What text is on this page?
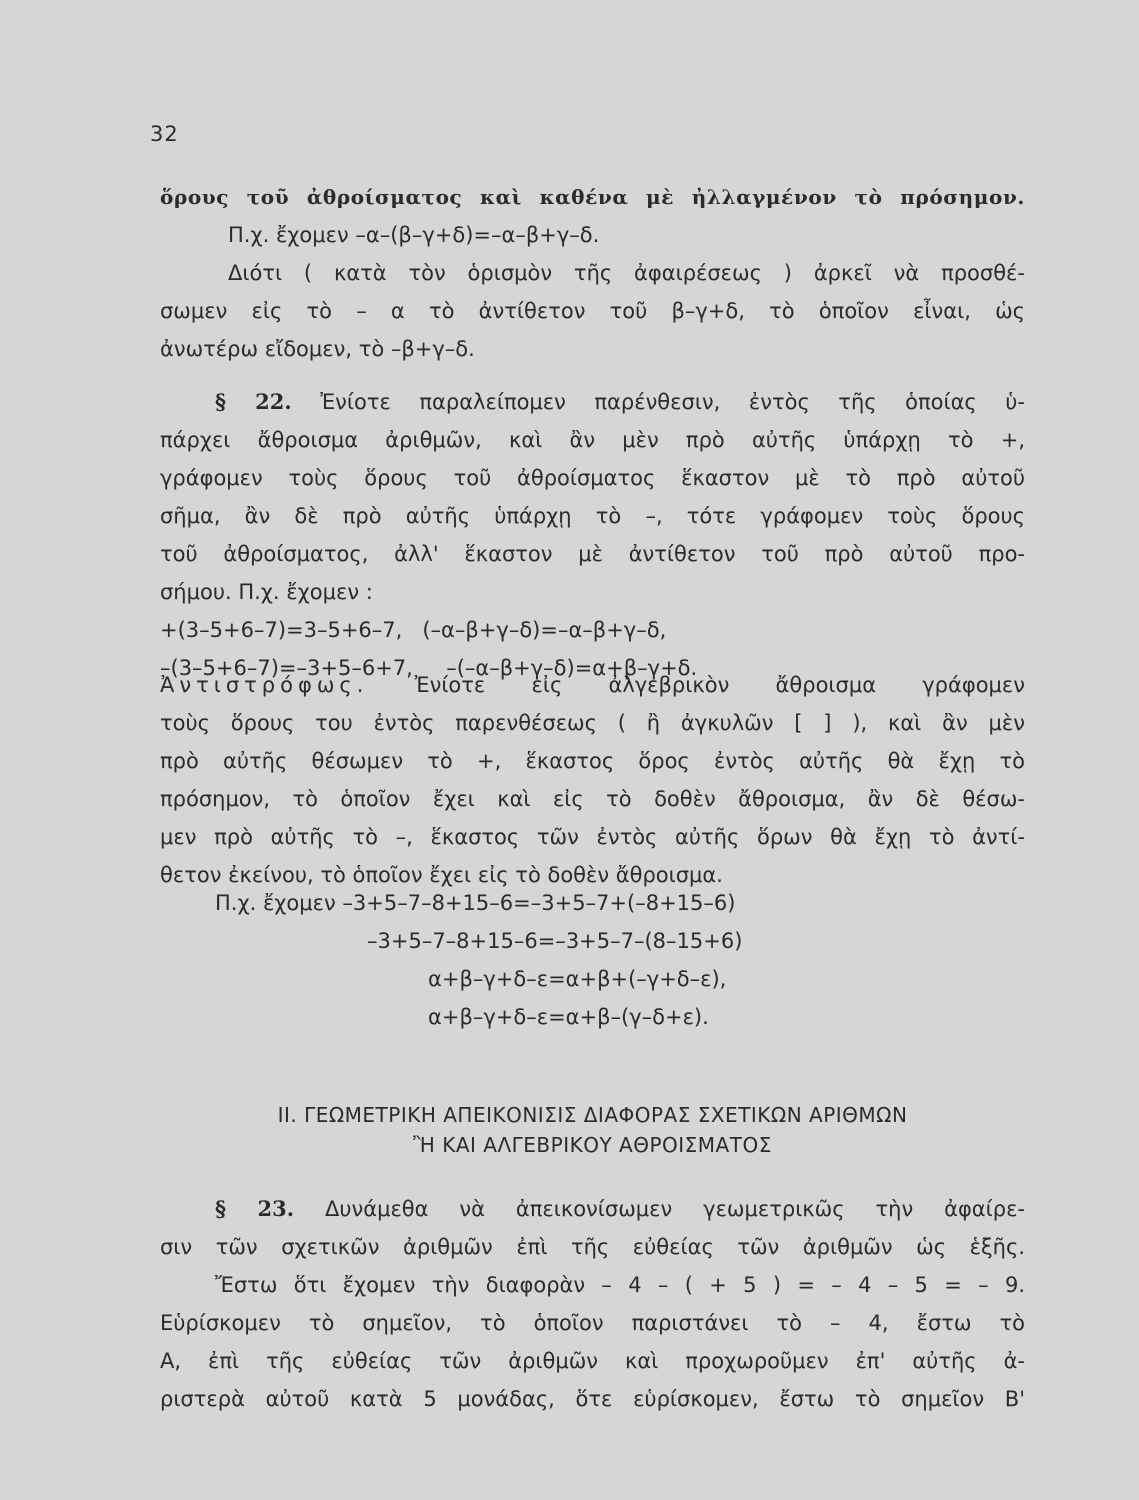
32
ὅρους τοῦ ἀθροίσματος καὶ καθένα μὲ ἠλλαγμένον τὸ πρόσημον.
Π.χ. ἔχομεν –α–(β–γ+δ)=–α–β+γ–δ.
Διότι ( κατὰ τὸν ὁρισμὸν τῆς ἀφαιρέσεως ) ἀρκεῖ νὰ προσθέ-
σωμεν εἰς τὸ – α τὸ ἀντίθετον τοῦ β–γ+δ, τὸ ὁποῖον εἶναι, ὡς
ἀνωτέρω εἴδομεν, τὸ –β+γ–δ.
§ 22. Ἐνίοτε παραλείπομεν παρένθεσιν, ἐντὸς τῆς ὁποίας ὑ-
πάρχει ἄθροισμα ἀριθμῶν, καὶ ἂν μὲν πρὸ αὐτῆς ὑπάρχῃ τὸ +,
γράφομεν τοὺς ὅρους τοῦ ἀθροίσματος ἕκαστον μὲ τὸ πρὸ αὐτοῦ
σῆμα, ἂν δὲ πρὸ αὐτῆς ὑπάρχῃ τὸ –, τότε γράφομεν τοὺς ὅρους
τοῦ ἀθροίσματος, ἀλλ' ἕκαστον μὲ ἀντίθετον τοῦ πρὸ αὐτοῦ προ-
σήμου. Π.χ. ἔχομεν :
+(3–5+6–7)=3–5+6–7,   (–α–β+γ–δ)=–α–β+γ–δ,
–(3–5+6–7)=–3+5–6+7,     –(–α–β+γ–δ)=α+β–γ+δ.
Ἀντιστρόφως. Ἐνίοτε εἰς ἀλγεβρικὸν ἄθροισμα γράφομεν
τοὺς ὅρους του ἐντὸς παρενθέσεως ( ἢ ἀγκυλῶν [ ] ), καὶ ἂν μὲν
πρὸ αὐτῆς θέσωμεν τὸ +, ἕκαστος ὅρος ἐντὸς αὐτῆς θὰ ἔχῃ τὸ
πρόσημον, τὸ ὁποῖον ἔχει καὶ εἰς τὸ δοθὲν ἄθροισμα, ἂν δὲ θέσω-
μεν πρὸ αὐτῆς τὸ –, ἕκαστος τῶν ἐντὸς αὐτῆς ὅρων θὰ ἔχῃ τὸ ἀντί-
θετον ἐκείνου, τὸ ὁποῖον ἔχει εἰς τὸ δοθὲν ἄθροισμα.
Π.χ. ἔχομεν –3+5–7–8+15–6=–3+5–7+(–8+15–6)
–3+5–7–8+15–6=–3+5–7–(8–15+6)
α+β–γ+δ–ε=α+β+(–γ+δ–ε),
α+β–γ+δ–ε=α+β–(γ–δ+ε).
ΙΙ. ΓΕΩΜΕΤΡΙΚΗ ΑΠΕΙΚΟΝΙΣΙΣ ΔΙΑΦΟΡΑΣ ΣΧΕΤΙΚΩΝ ΑΡΙΘΜΩΝ
Ἢ ΚΑΙ ΑΛΓΕΒΡΙΚΟΥ ΑΘΡΟΙΣΜΑΤΟΣ
§ 23. Δυνάμεθα νὰ ἀπεικονίσωμεν γεωμετρικῶς τὴν ἀφαίρε-
σιν τῶν σχετικῶν ἀριθμῶν ἐπὶ τῆς εὐθείας τῶν ἀριθμῶν ὡς ἑξῆς.
Ἔστω ὅτι ἔχομεν τὴν διαφορὰν – 4 – ( + 5 ) = – 4 – 5 = – 9.
Εὑρίσκομεν τὸ σημεῖον, τὸ ὁποῖον παριστάνει τὸ – 4, ἔστω τὸ
Α, ἐπὶ τῆς εὐθείας τῶν ἀριθμῶν καὶ προχωροῦμεν ἐπ' αὐτῆς ἀ-
ριστερὰ αὐτοῦ κατὰ 5 μονάδας, ὅτε εὑρίσκομεν, ἔστω τὸ σημεῖον Β'
